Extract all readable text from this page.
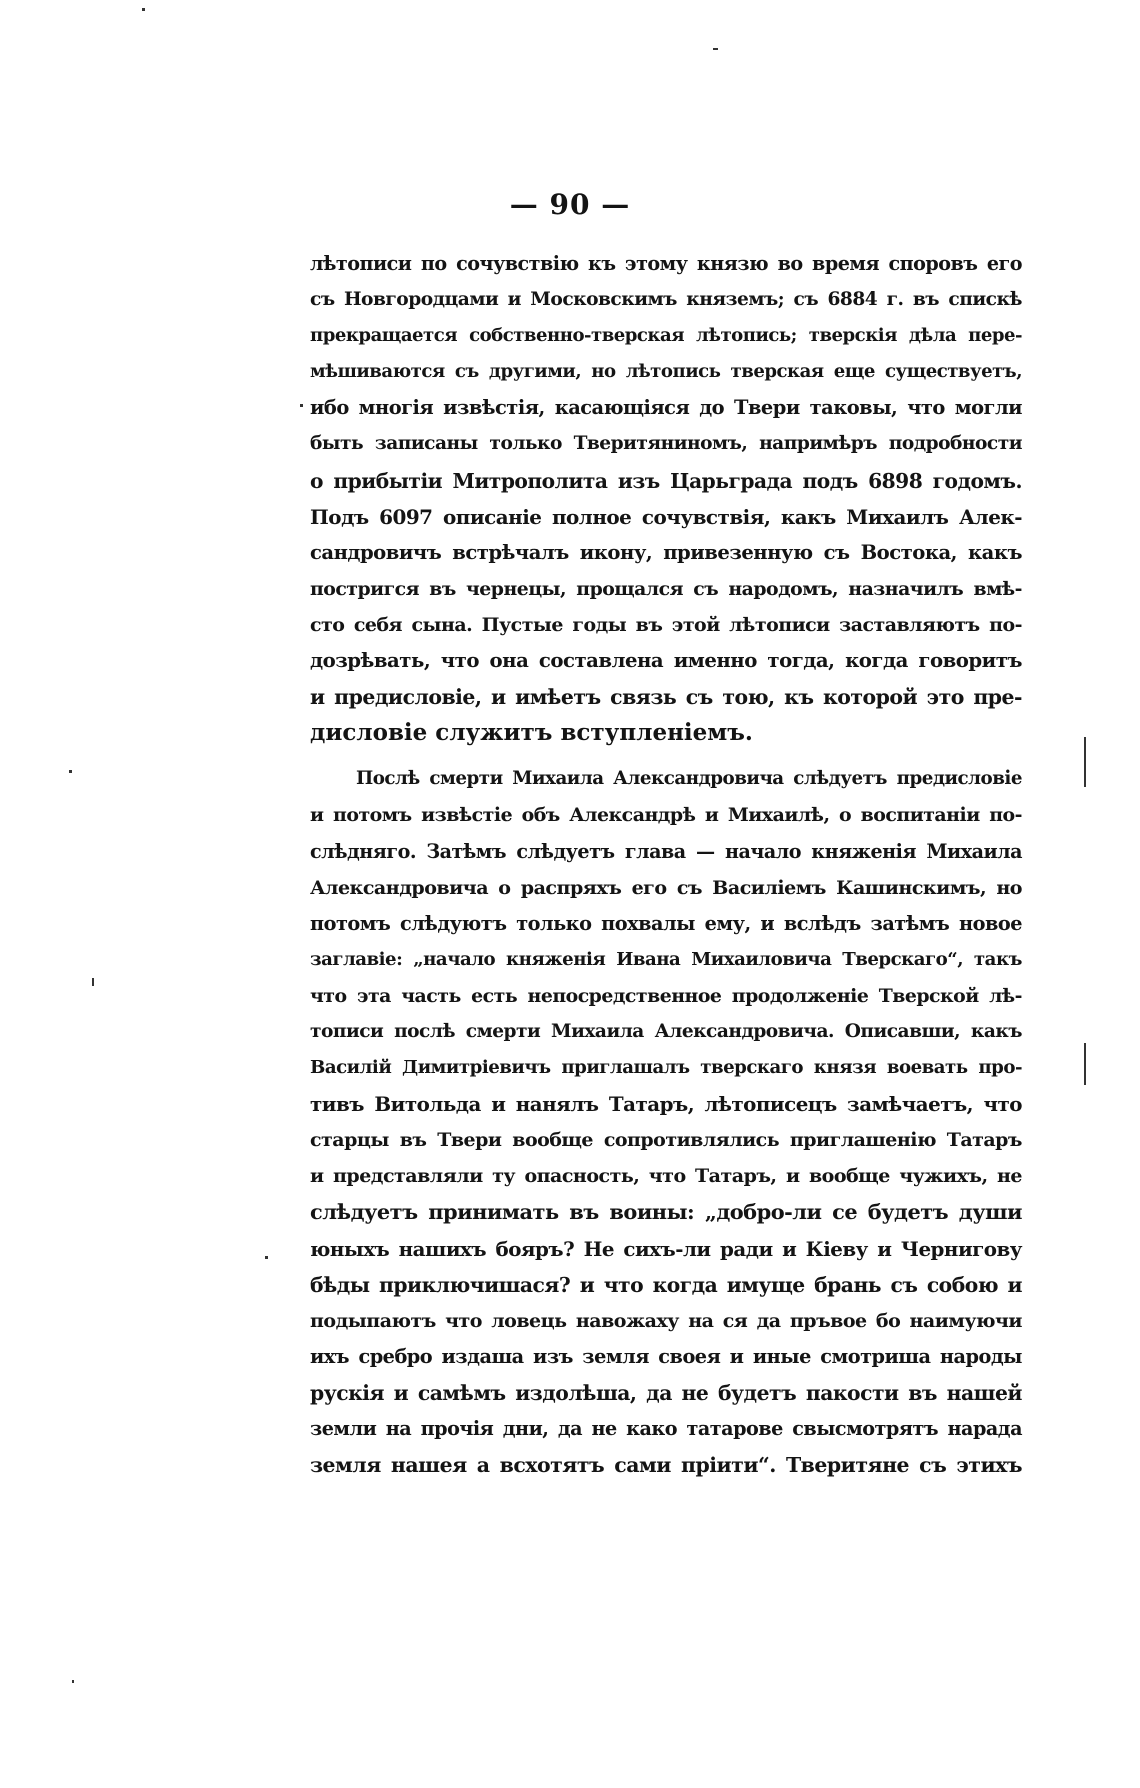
— 90 —
лѣтописи по сочувствію къ этому князю во время споровъ его
съ Новгородцами и Московскимъ княземъ; съ 6884 г. въ спискѣ
прекращается собственно-тверская лѣтопись; тверскія дѣла пере-
мѣшиваются съ другими, но лѣтопись тверская еще существуетъ,
ибо многія извѣстія, касающіяся до Твери таковы, что могли
быть записаны только Тверитяниномъ, напримѣръ подробности
о прибытіи Митрополита изъ Царьграда подъ 6898 годомъ.
Подъ 6097 описаніе полное сочувствія, какъ Михаилъ Алек-
сандровичъ встрѣчалъ икону, привезенную съ Востока, какъ
постригся въ чернецы, прощался съ народомъ, назначилъ вмѣ-
сто себя сына. Пустые годы въ этой лѣтописи заставляютъ по-
дозрѣвать, что она составлена именно тогда, когда говоритъ
и предисловіе, и имѣетъ связь съ тою, къ которой это пре-
дисловіе служитъ вступленіемъ.
Послѣ смерти Михаила Александровича слѣдуетъ предисловіе
и потомъ извѣстіе объ Александрѣ и Михаилѣ, о воспитаніи по-
слѣдняго. Затѣмъ слѣдуетъ глава — начало княженія Михаила
Александровича о распряхъ его съ Василіемъ Кашинскимъ, но
потомъ слѣдуютъ только похвалы ему, и вслѣдъ затѣмъ новое
заглавіе: „начало княженія Ивана Михаиловича Тверскаго“, такъ
что эта часть есть непосредственное продолженіе Тверской лѣ-
тописи послѣ смерти Михаила Александровича. Описавши, какъ
Василій Димитріевичъ приглашалъ тверскаго князя воевать про-
тивъ Витольда и нанялъ Татаръ, лѣтописецъ замѣчаетъ, что
старцы въ Твери вообще сопротивлялись приглашенію Татаръ
и представляли ту опасность, что Татаръ, и вообще чужихъ, не
слѣдуетъ принимать въ воины: „добро-ли се будетъ души
юныхъ нашихъ бояръ? Не сихъ-ли ради и Кіеву и Чернигову
бѣды приключишася? и что когда имуще брань съ собою и
подыпаютъ что ловець навожаху на ся да пръвое бо наимуючи
ихъ сребро издаша изъ земля своея и иные смотриша народы
рускія и самѣмъ издолѣша, да не будетъ пакости въ нашей
земли на прочія дни, да не како татарове свысмотрятъ нарада
земля нашея а всхотятъ сами пріити“. Тверитяне съ этихъ
